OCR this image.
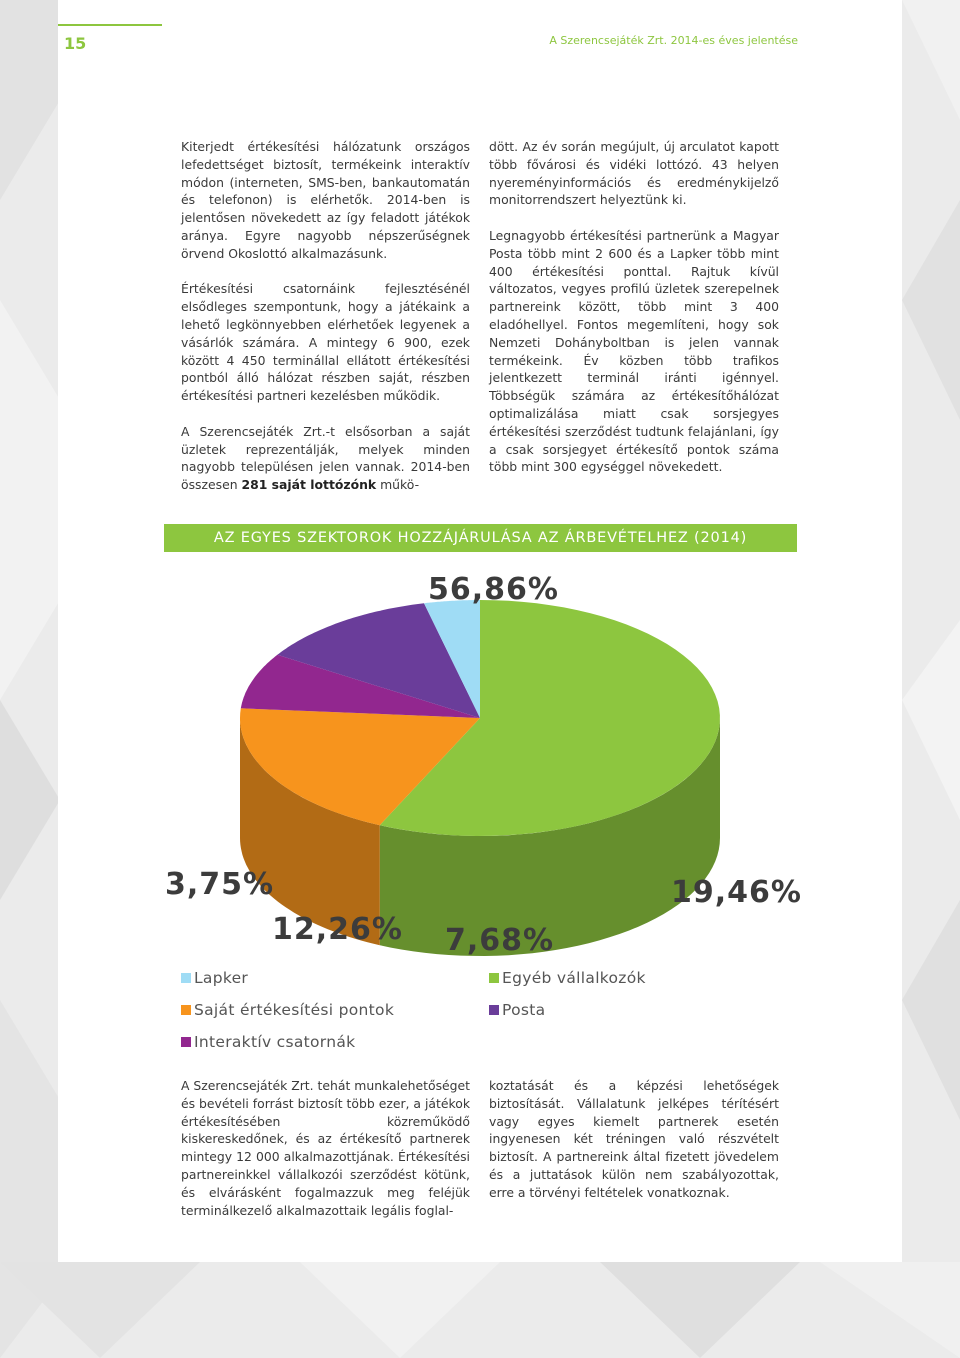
15	A Szerencsejáték Zrt. 2014-es éves jelentése

Kiterjedt értékesítési hálózatunk országos lefedettséget biztosít, termékeink interaktív módon (interneten, SMS-ben, bankautomatán és telefonon) is elérhetők. 2014-ben is jelentősen növekedett az így feladott játékok aránya. Egyre nagyobb népszerűségnek örvend Okoslottó alkalmazásunk.

Értékesítési csatornáink fejlesztésénél elsődleges szempontunk, hogy a játékaink a lehető legkönnyebben elérhetőek legyenek a vásárlók számára. A mintegy 6 900, ezek között 4 450 terminállal ellátott értékesítési pontból álló hálózat részben saját, részben értékesítési partneri kezelésben működik.

A Szerencsejáték Zrt.-t elsősorban a saját üzletek reprezentálják, melyek minden nagyobb településen jelen vannak. 2014-ben összesen 281 saját lottózónk műkö-

dött. Az év során megújult, új arculatot kapott több fővárosi és vidéki lottózó. 43 helyen nyereményinformációs és eredménykijelző monitorrendszert helyeztünk ki.

Legnagyobb értékesítési partnerünk a Magyar Posta több mint 2 600 és a Lapker több mint 400 értékesítési ponttal. Rajtuk kívül változatos, vegyes profilú üzletek szerepelnek partnereink között, több mint 3 400 eladóhellyel. Fontos megemlíteni, hogy sok Nemzeti Dohányboltban is jelen vannak termékeink. Év közben több trafikos jelentkezett terminál iránti igénnyel. Többségük számára az értékesítőhálózat optimalizálása miatt csak sorsjegyes értékesítési szerződést tudtunk felajánlani, így a csak sorsjegyet értékesítő pontok száma több mint 300 egységgel növekedett.

AZ EGYES SZEKTOROK HOZZÁJÁRULÁSA AZ ÁRBEVÉTELHEZ (2014)
56,86%
19,46%
7,68%
12,26%
3,75%
Lapker	Egyéb vállalkozók
Saját értékesítési pontok	Posta
Interaktív csatornák

A Szerencsejáték Zrt. tehát munkalehetőséget és bevételi forrást biztosít több ezer, a játékok értékesítésében közreműködő kiskereskedőnek, és az értékesítő partnerek mintegy 12 000 alkalmazottjának. Értékesítési partnereinkkel vállalkozói szerződést kötünk, és elvárásként fogalmazzuk meg feléjük terminálkezelő alkalmazottaik legális foglal-

koztatását és a képzési lehetőségek biztosítását. Vállalatunk jelképes térítésért vagy egyes kiemelt partnerek esetén ingyenesen két tréningen való részvételt biztosít. A partnereink által fizetett jövedelem és a juttatások külön nem szabályozottak, erre a törvényi feltételek vonatkoznak.
